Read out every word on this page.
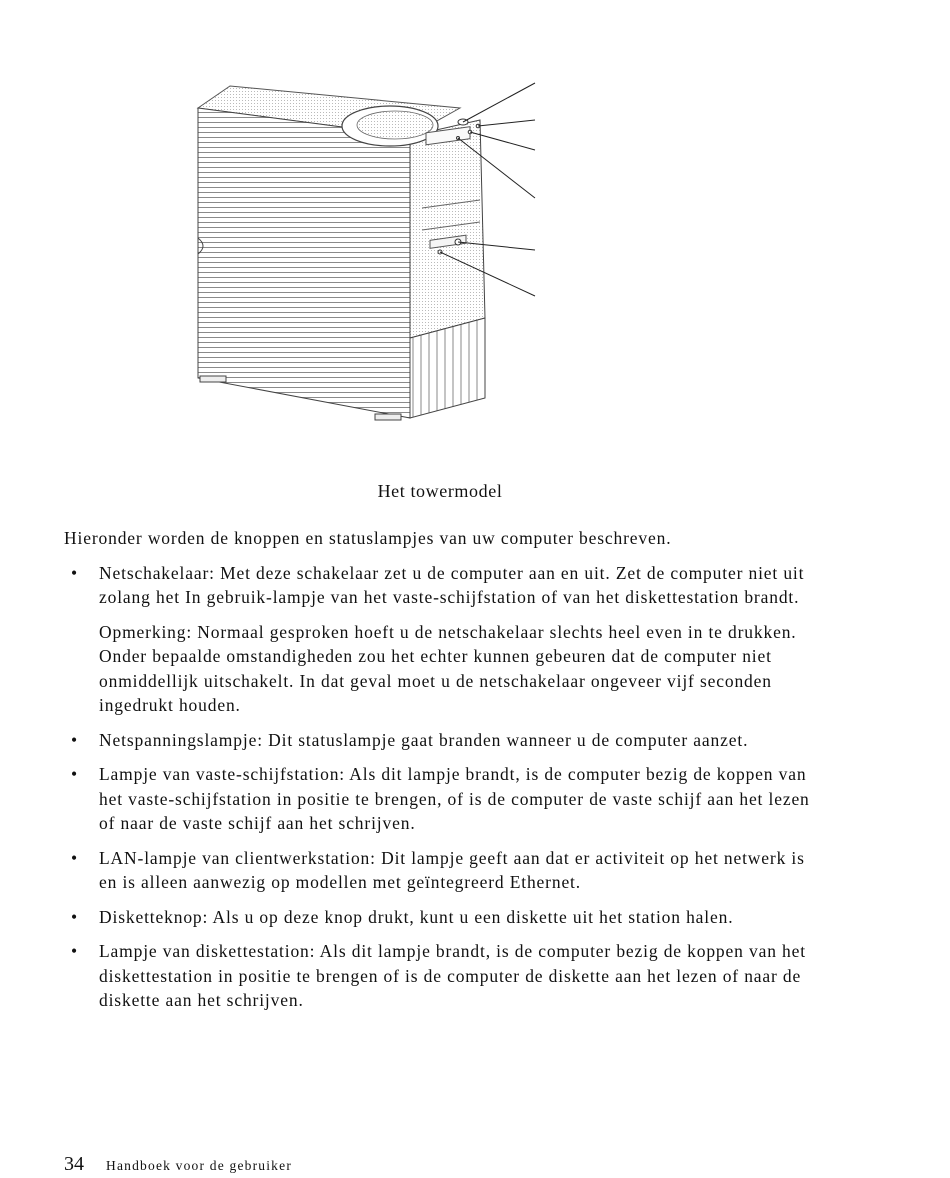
Het towermodel

Hieronder worden de knoppen en statuslampjes van uw computer beschreven.

• Netschakelaar: Met deze schakelaar zet u de computer aan en uit. Zet de computer niet uit zolang het In gebruik-lampje van het vaste-schijfstation of van het diskettestation brandt.
Opmerking: Normaal gesproken hoeft u de netschakelaar slechts heel even in te drukken. Onder bepaalde omstandigheden zou het echter kunnen gebeuren dat de computer niet onmiddellijk uitschakelt. In dat geval moet u de netschakelaar ongeveer vijf seconden ingedrukt houden.
• Netspanningslampje: Dit statuslampje gaat branden wanneer u de computer aanzet.
• Lampje van vaste-schijfstation: Als dit lampje brandt, is de computer bezig de koppen van het vaste-schijfstation in positie te brengen, of is de computer de vaste schijf aan het lezen of naar de vaste schijf aan het schrijven.
• LAN-lampje van clientwerkstation: Dit lampje geeft aan dat er activiteit op het netwerk is en is alleen aanwezig op modellen met geïntegreerd Ethernet.
• Disketteknop: Als u op deze knop drukt, kunt u een diskette uit het station halen.
• Lampje van diskettestation: Als dit lampje brandt, is de computer bezig de koppen van het diskettestation in positie te brengen of is de computer de diskette aan het lezen of naar de diskette aan het schrijven.
34 Handboek voor de gebruiker
